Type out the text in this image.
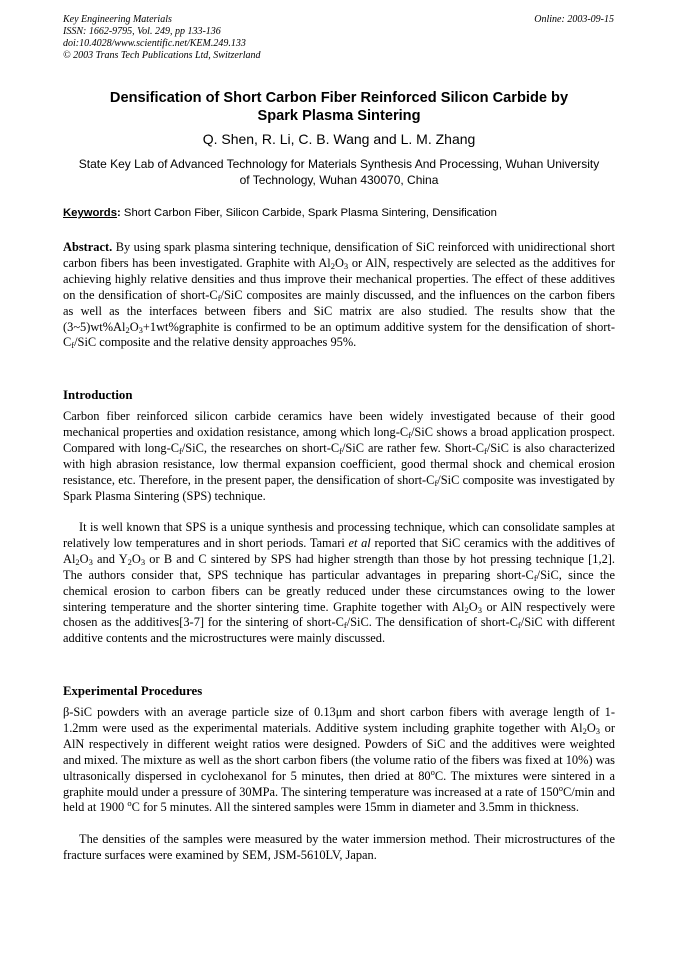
Key Engineering Materials
ISSN: 1662-9795, Vol. 249, pp 133-136
doi:10.4028/www.scientific.net/KEM.249.133
© 2003 Trans Tech Publications Ltd, Switzerland
Online: 2003-09-15
Densification of Short Carbon Fiber Reinforced Silicon Carbide by
Spark Plasma Sintering
Q. Shen, R. Li, C. B. Wang and L. M. Zhang
State Key Lab of Advanced Technology for Materials Synthesis And Processing, Wuhan University
of Technology, Wuhan 430070, China
Keywords: Short Carbon Fiber, Silicon Carbide, Spark Plasma Sintering, Densification

Abstract. By using spark plasma sintering technique, densification of SiC reinforced with unidirectional short carbon fibers has been investigated. Graphite with $Al_2O_3$ or AlN, respectively are selected as the additives for achieving highly relative densities and thus improve their mechanical properties. The effect of these additives on the densification of short-$C_f$/SiC composites are mainly discussed, and the influences on the carbon fibers as well as the interfaces between fibers and SiC matrix are also studied. The results show that the $(3\sim 5)wt\%Al_2O_3+1wt\%graphite$ is confirmed to be an optimum additive system for the densification of short-$C_f$/SiC composite and the relative density approaches 95%.

Introduction

Carbon fiber reinforced silicon carbide ceramics have been widely investigated because of their good mechanical properties and oxidation resistance, among which long-$C_f$/SiC shows a broad application prospect. Compared with long-$C_f$/SiC, the researches on short-$C_f$/SiC are rather few. Short-$C_f$/SiC is also characterized with high abrasion resistance, low thermal expansion coefficient, good thermal shock and chemical erosion resistance, etc. Therefore, in the present paper, the densification of short-$C_f$/SiC composite was investigated by Spark Plasma Sintering (SPS) technique.

It is well known that SPS is a unique synthesis and processing technique, which can consolidate samples at relatively low temperatures and in short periods. Tamari et al reported that SiC ceramics with the additives of $Al_2O_3$ and $Y_2O_3$ or B and C sintered by SPS had higher strength than those by hot pressing technique [1,2]. The authors consider that, SPS technique has particular advantages in preparing short-$C_f$/SiC, since the chemical erosion to carbon fibers can be greatly reduced under these circumstances owing to the lower sintering temperature and the shorter sintering time. Graphite together with $Al_2O_3$ or AlN respectively were chosen as the additives[3-7] for the sintering of short-$C_f$/SiC. The densification of short-$C_f$/SiC with different additive contents and the microstructures were mainly discussed.

Experimental Procedures

β-SiC powders with an average particle size of 0.13μm and short carbon fibers with average length of 1-1.2mm were used as the experimental materials. Additive system including graphite together with $Al_2O_3$ or AlN respectively in different weight ratios were designed. Powders of SiC and the additives were weighted and mixed. The mixture as well as the short carbon fibers (the volume ratio of the fibers was fixed at 10%) was ultrasonically dispersed in cyclohexanol for 5 minutes, then dried at 80$^o$C. The mixtures were sintered in a graphite mould under a pressure of 30MPa. The sintering temperature was increased at a rate of 150$^o$C/min and held at 1900 $^o$C for 5 minutes. All the sintered samples were 15mm in diameter and 3.5mm in thickness.

The densities of the samples were measured by the water immersion method. Their microstructures of the fracture surfaces were examined by SEM, JSM-5610LV, Japan.
